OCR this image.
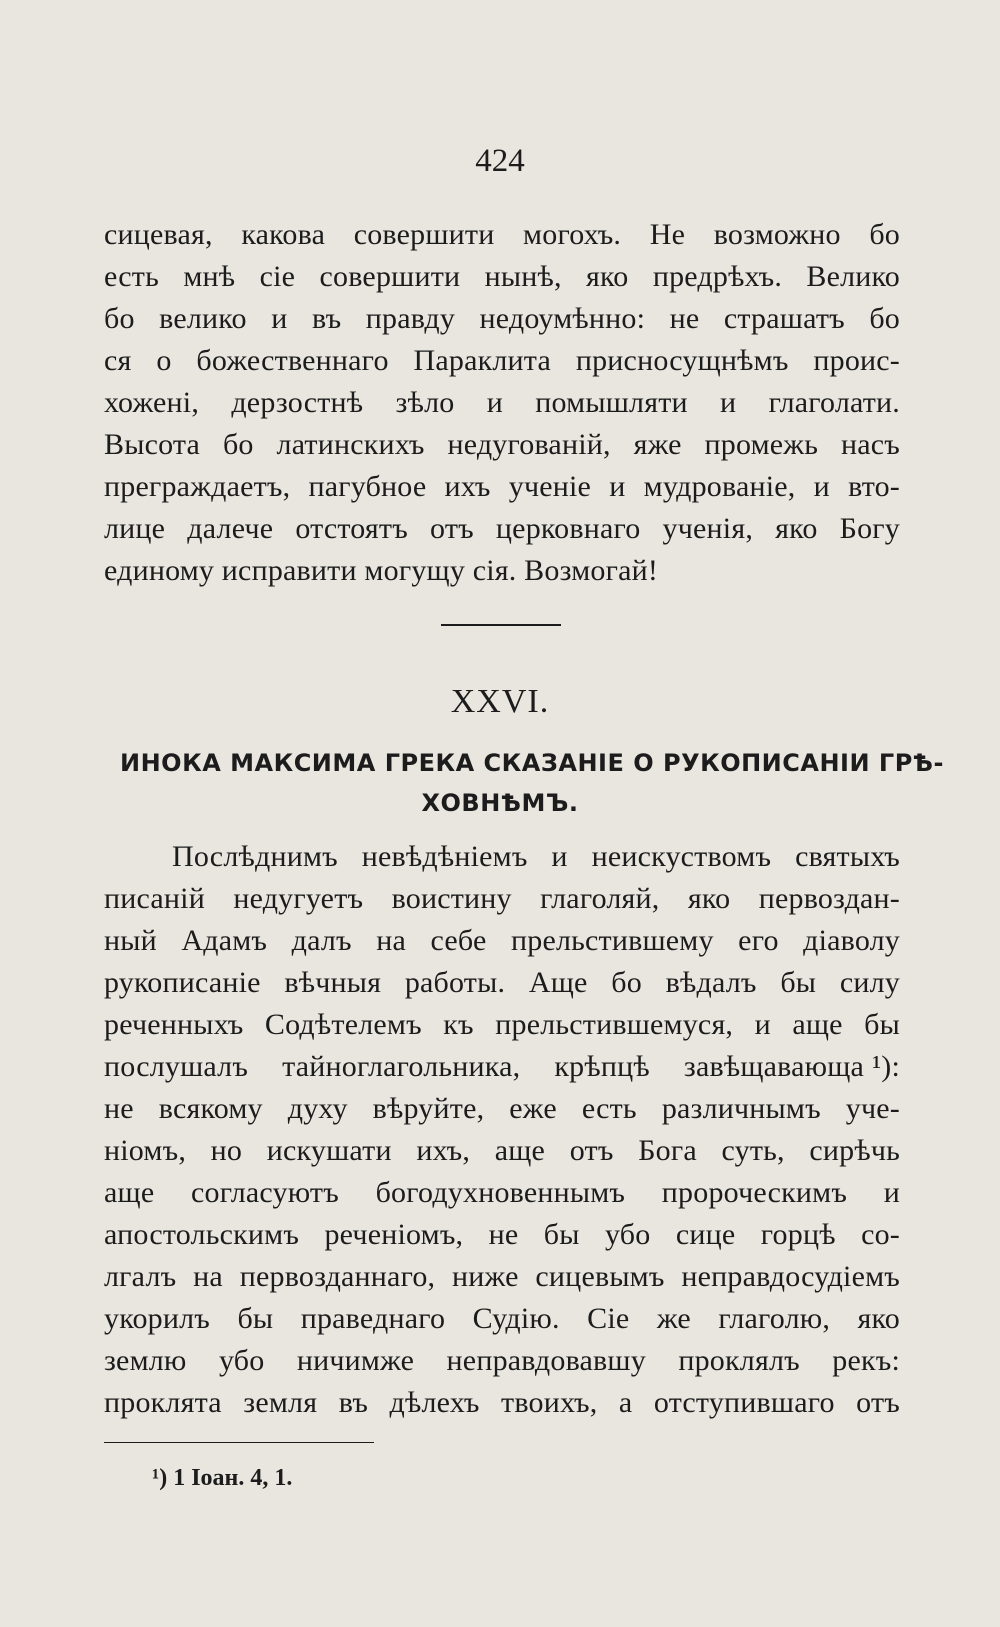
424
сицевая, какова совершити могохъ. Не возможно бо
есть мнѣ сіе совершити нынѣ, яко предрѣхъ. Велико
бо велико и въ правду недоумѣнно: не страшатъ бо
ся о божественнаго Параклита присносущнѣмъ проис-
хожені, дерзостнѣ зѣло и помышляти и глаголати.
Высота бо латинскихъ недугованій, яже промежь насъ
преграждаетъ, пагубное ихъ ученіе и мудрованіе, и вто-
лице далече отстоятъ отъ церковнаго ученія, яко Богу
единому исправити могущу сія. Возмогай!
XXVI.
ИНОКА МАКСИМА ГРЕКА СКАЗАНІЕ О РУКОПИСАНІИ ГРѢ-
ХОВНѢМЪ.
Послѣднимъ невѣдѣніемъ и неискуствомъ святыхъ
писаній недугуетъ воистину глаголяй, яко первоздан-
ный Адамъ далъ на себе прельстившему его діаволу
рукописаніе вѣчныя работы. Аще бо вѣдалъ бы силу
реченныхъ Содѣтелемъ къ прельстившемуся, и аще бы
послушалъ тайноглагольника, крѣпцѣ завѣщавающа ¹):
не всякому духу вѣруйте, еже есть различнымъ уче-
ніомъ, но искушати ихъ, аще отъ Бога суть, сирѣчь
аще согласуютъ богодухновеннымъ пророческимъ и
апостольскимъ реченіомъ, не бы убо сице горцѣ со-
лгалъ на первозданнаго, ниже сицевымъ неправдосудіемъ
укорилъ бы праведнаго Судію. Сіе же глаголю, яко
землю убо ничимже неправдовавшу проклялъ рекъ:
проклята земля въ дѣлехъ твоихъ, а отступившаго отъ
¹) 1 Іоан. 4, 1.
